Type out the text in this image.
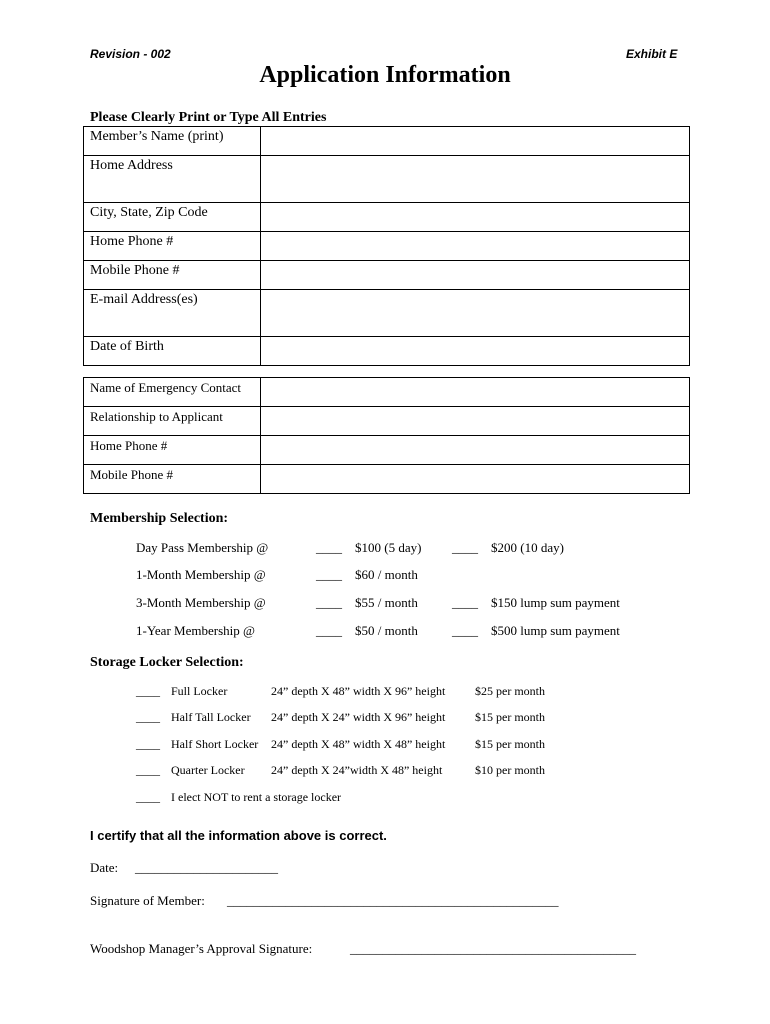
Revision - 002	Exhibit E
Application Information
Please Clearly Print or Type All Entries
Member’s Name (print)	
Home Address	
City, State, Zip Code	
Home Phone #	
Mobile Phone #	
E-mail Address(es)	
Date of Birth	
Name of Emergency Contact	
Relationship to Applicant	
Home Phone #	
Mobile Phone #	
Membership Selection:
Day Pass Membership @	____ $100 (5 day) ____ $200 (10 day)
1-Month Membership @	____ $60 / month
3-Month Membership @	____ $55 / month	____ $150 lump sum payment
1-Year Membership @	____ $50 / month	____ $500 lump sum payment
Storage Locker Selection:
____ Full Locker	24” depth X 48” width X 96” height $25 per month
____ Half Tall Locker 24” depth X 24” width X 96” height $15 per month
____ Half Short Locker 24” depth X 48” width X 48” height $15 per month
____ Quarter Locker 24” depth X 24”width X 48” height	$10 per month
____ I elect NOT to rent a storage locker
I certify that all the information above is correct.
Date: ______________________
Signature of Member: ___________________________________________________
Woodshop Manager’s Approval Signature:	____________________________________________
